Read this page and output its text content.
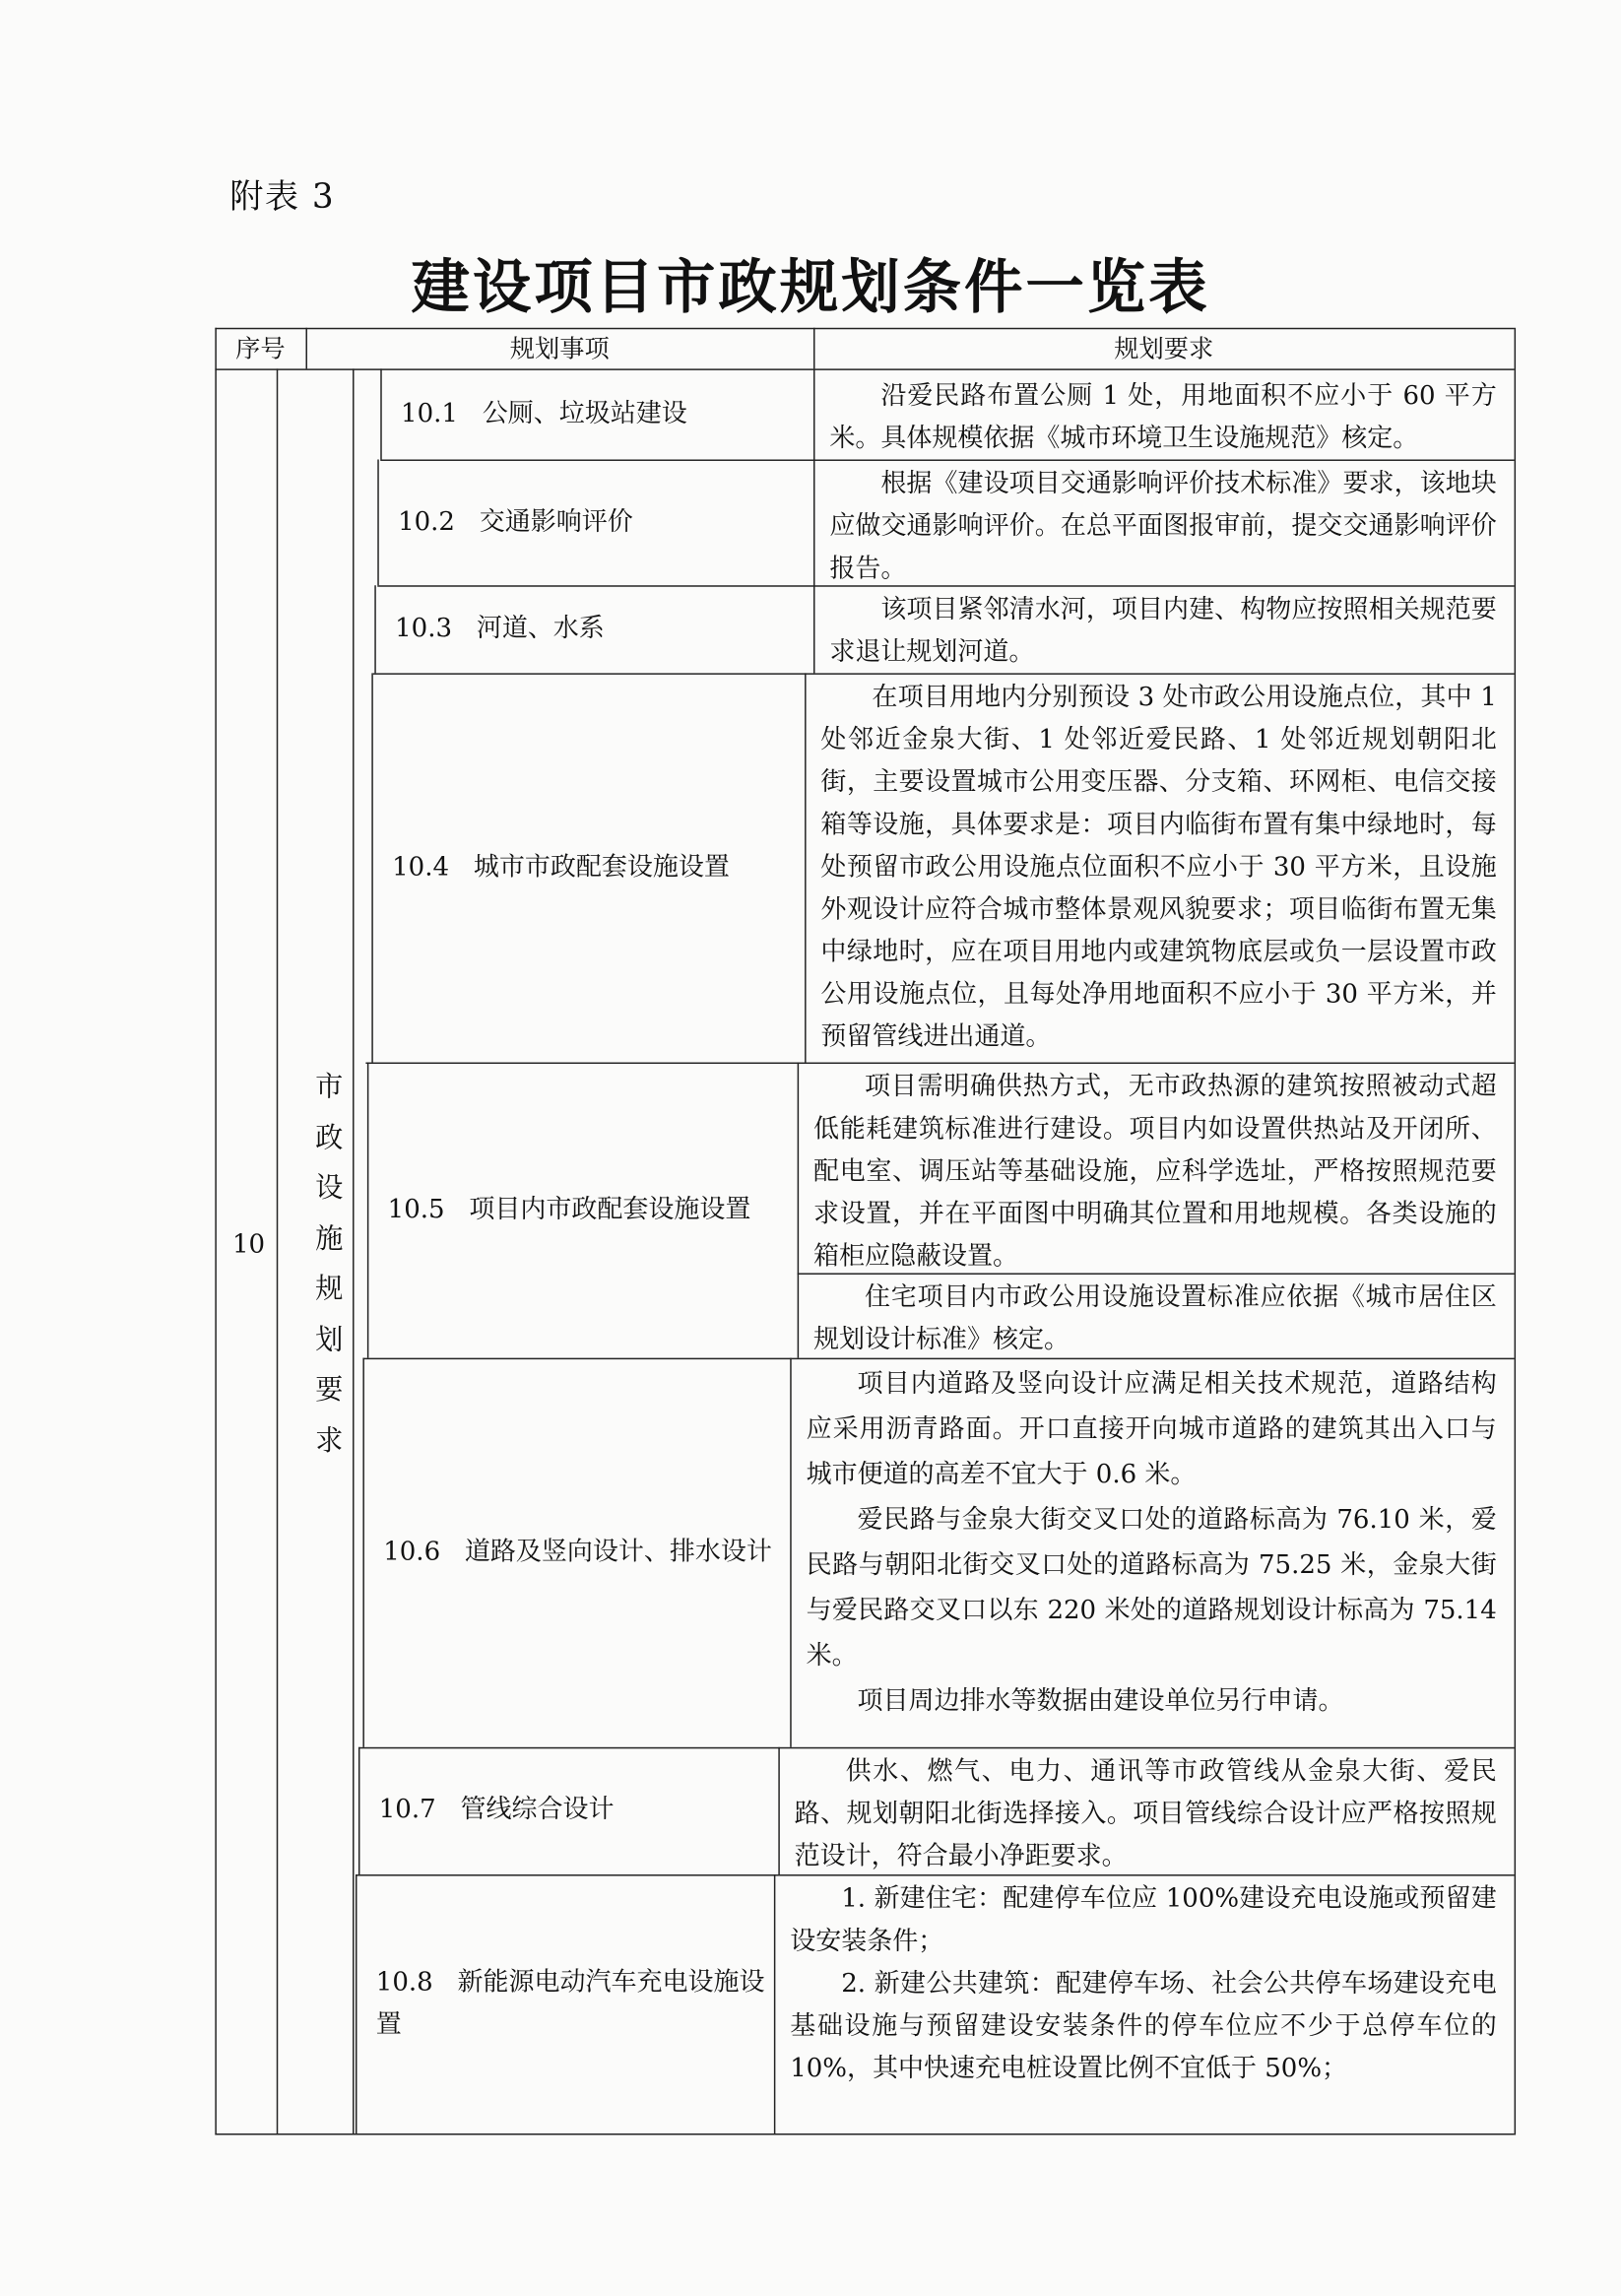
附表 3
建设项目市政规划条件一览表
序号	规划事项	规划要求
10
市
政
设
施
规
划
要
求
10.1
公厕、垃圾站建设

沿爱民路布置公厕 1 处，用地面积不应小于 60 平方米。具体规模依据《城市环境卫生设施规范》核定。

10.2
交通影响评价

根据《建设项目交通影响评价技术标准》要求，该地块应做交通影响评价。在总平面图报审前，提交交通影响评价报告。

10.3
河道、水系

该项目紧邻清水河，项目内建、构物应按照相关规范要求退让规划河道。

10.4
城市市政配套设施设置

在项目用地内分别预设 3 处市政公用设施点位，其中 1 处邻近金泉大街、1 处邻近爱民路、1 处邻近规划朝阳北街，主要设置城市公用变压器、分支箱、环网柜、电信交接箱等设施，具体要求是：项目内临街布置有集中绿地时，每处预留市政公用设施点位面积不应小于 30 平方米，且设施外观设计应符合城市整体景观风貌要求；项目临街布置无集中绿地时，应在项目用地内或建筑物底层或负一层设置市政公用设施点位，且每处净用地面积不应小于 30 平方米，并预留管线进出通道。

10.5 项目内市政配套设施设置

项目需明确供热方式，无市政热源的建筑按照被动式超低能耗建筑标准进行建设。项目内如设置供热站及开闭所、配电室、调压站等基础设施，应科学选址，严格按照规范要求设置，并在平面图中明确其位置和用地规模。各类设施的箱柜应隐蔽设置。

住宅项目内市政公用设施设置标准应依据《城市居住区规划设计标准》核定。

10.6 道路及竖向设计、排水设计

项目内道路及竖向设计应满足相关技术规范，道路结构应采用沥青路面。开口直接开向城市道路的建筑其出入口与城市便道的高差不宜大于 0.6 米。

爱民路与金泉大街交叉口处的道路标高为 76.10 米，爱民路与朝阳北街交叉口处的道路标高为 75.25 米，金泉大街与爱民路交叉口以东 220 米处的道路规划设计标高为 75.14 米。

项目周边排水等数据由建设单位另行申请。

10.7
管线综合设计

供水、燃气、电力、通讯等市政管线从金泉大街、爱民路、规划朝阳北街选择接入。项目管线综合设计应严格按照规范设计，符合最小净距要求。

10.8 新能源电动汽车充电设施设置

1. 新建住宅：配建停车位应 100%建设充电设施或预留建设安装条件；

2. 新建公共建筑：配建停车场、社会公共停车场建设充电基础设施与预留建设安装条件的停车位应不少于总停车位的 10%，其中快速充电桩设置比例不宜低于 50%；
